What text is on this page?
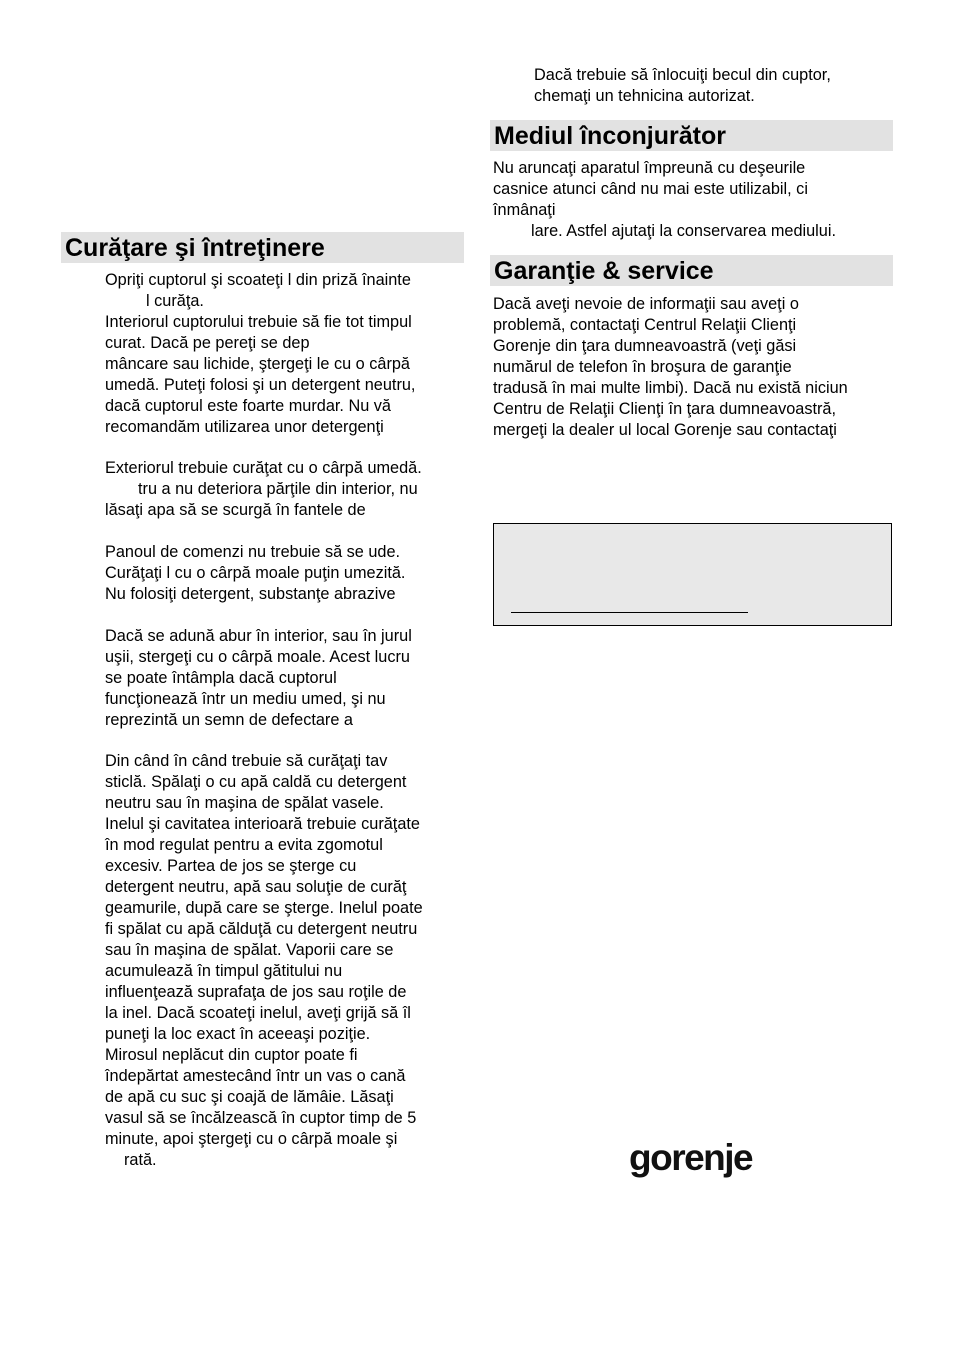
Curăţare şi întreţinere
Opriţi cuptorul şi scoateţi l din priză înainte
l curăţa.
Interiorul cuptorului trebuie să fie tot timpul
curat. Dacă pe pereţi se dep
mâncare sau lichide, ştergeţi le cu o cârpă
umedă. Puteţi folosi şi un detergent neutru,
dacă cuptorul este foarte murdar. Nu vă
recomandăm utilizarea unor detergenţi
Exteriorul trebuie curăţat cu o cârpă umedă.
tru a nu deteriora părţile din interior, nu
lăsaţi apa să se scurgă în fantele de
Panoul de comenzi nu trebuie să se ude.
Curăţaţi l cu o cârpă moale puţin umezită.
Nu folosiţi detergent, substanţe abrazive
Dacă se adună abur în interior, sau în jurul
uşii, stergeţi cu o cârpă moale. Acest lucru
se poate întâmpla dacă cuptorul
funcţionează într un mediu umed, şi nu
reprezintă un semn de defectare a
Din când în când trebuie să curăţaţi tav
sticlă. Spălaţi o cu apă caldă cu detergent
neutru sau în maşina de spălat vasele.
Inelul şi cavitatea interioară trebuie curăţate
în mod regulat pentru a evita zgomotul
excesiv. Partea de jos se şterge cu
detergent neutru, apă sau soluţie de curăţ
geamurile, după care se şterge. Inelul poate
fi spălat cu apă călduţă cu detergent neutru
sau în maşina de spălat. Vaporii care se
acumulează în timpul gătitului nu
influenţează suprafaţa de jos sau roţile de
la inel. Dacă scoateţi inelul, aveţi grijă să îl
puneţi la loc exact în aceeaşi poziţie.
Mirosul neplăcut din cuptor poate fi
îndepărtat amestecând într un vas o cană
de apă cu suc şi coajă de lămâie. Lăsaţi
vasul să se încălzească în cuptor timp de 5
minute, apoi ştergeţi cu o cârpă moale şi
rată.
Dacă trebuie să înlocuiţi becul din cuptor,
chemaţi un tehnicina autorizat.
Mediul înconjurător
Nu aruncaţi aparatul împreună cu deşeurile
casnice atunci când nu mai este utilizabil, ci
înmânaţi
lare. Astfel ajutaţi la conservarea mediului.
Garanţie & service
Dacă aveţi nevoie de informaţii sau aveţi o
problemă, contactaţi Centrul Relaţii Clienţi
Gorenje din ţara dumneavoastră (veţi găsi
numărul de telefon în broşura de garanţie
tradusă în mai multe limbi). Dacă nu există niciun
Centru de Relaţii Clienţi în ţara dumneavoastră,
mergeţi la dealer ul local Gorenje sau contactaţi
gorenje
